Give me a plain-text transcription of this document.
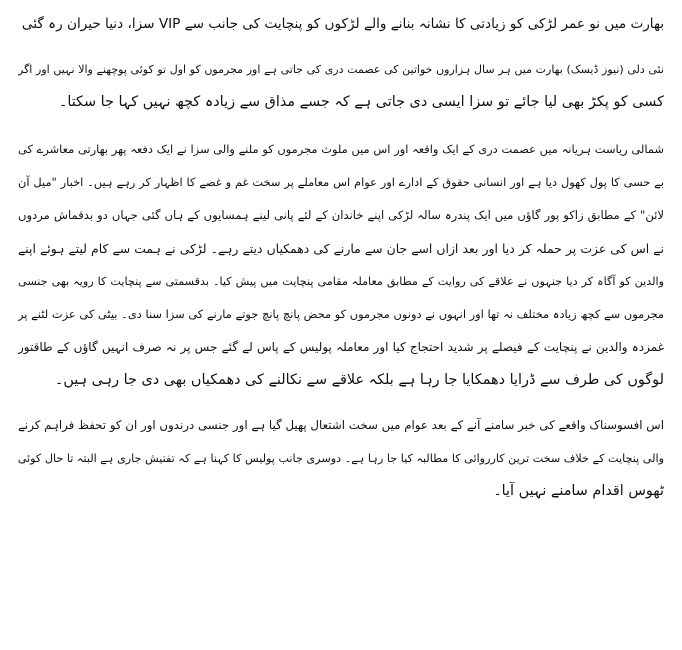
بھارت میں نو عمر لڑکی کو زیادتی کا نشانہ بنانے والے لڑکوں کو پنچایت کی جانب سے VIP سزا، دنیا حیران رہ گئی
نئی دلی (نیوز ڈیسک) بھارت میں ہر سال ہزاروں خواتین کی عصمت دری کی جاتی ہے اور مجرموں کو اول تو کوئی پوچھنے والا نہیں اور اگر
کسی کو پکڑ بھی لیا جائے تو سزا ایسی دی جاتی ہے کہ جسے مذاق سے زیادہ کچھ نہیں کہا جا سکتا۔
شمالی ریاست ہریانہ میں عصمت دری کے ایک واقعہ اور اس میں ملوث مجرموں کو ملنے والی سزا نے ایک دفعہ پھر بھارتی معاشرے کی
بے حسی کا پول کھول دیا ہے اور انسانی حقوق کے ادارے اور عوام اس معاملے پر سخت غم و غصے کا اظہار کر رہے ہیں۔ اخبار "میل آن
لائن" کے مطابق زاکو پور گاؤں میں ایک پندرہ سالہ لڑکی اپنے خاندان کے لئے پانی لینے ہمسایوں کے ہاں گئی جہاں دو بدقماش مردوں
نے اس کی عزت پر حملہ کر دیا اور بعد ازاں اسے جان سے مارنے کی دھمکیاں دیتے رہے۔ لڑکی نے ہمت سے کام لیتے ہوئے اپنے
والدین کو آگاہ کر دیا جنہوں نے علاقے کی روایت کے مطابق معاملہ مقامی پنچایت میں پیش کیا۔ بدقسمتی سے پنچایت کا رویہ بھی جنسی
مجرموں سے کچھ زیادہ مختلف نہ تھا اور انہوں نے دونوں مجرموں کو محض پانچ پانچ جوتے مارنے کی سزا سنا دی۔ بیٹی کی عزت لٹنے پر
غمزدہ والدین نے پنچایت کے فیصلے پر شدید احتجاج کیا اور معاملہ پولیس کے پاس لے گئے جس پر نہ صرف انہیں گاؤں کے طاقتور
لوگوں کی طرف سے ڈرایا دھمکایا جا رہا ہے بلکہ علاقے سے نکالنے کی دھمکیاں بھی دی جا رہی ہیں۔
اس افسوسناک واقعے کی خبر سامنے آنے کے بعد عوام میں سخت اشتعال پھیل گیا ہے اور جنسی درندوں اور ان کو تحفظ فراہم کرنے
والی پنچایت کے خلاف سخت ترین کارروائی کا مطالبہ کیا جا رہا ہے۔ دوسری جانب پولیس کا کہنا ہے کہ تفتیش جاری ہے البتہ تا حال کوئی
ٹھوس اقدام سامنے نہیں آیا۔
